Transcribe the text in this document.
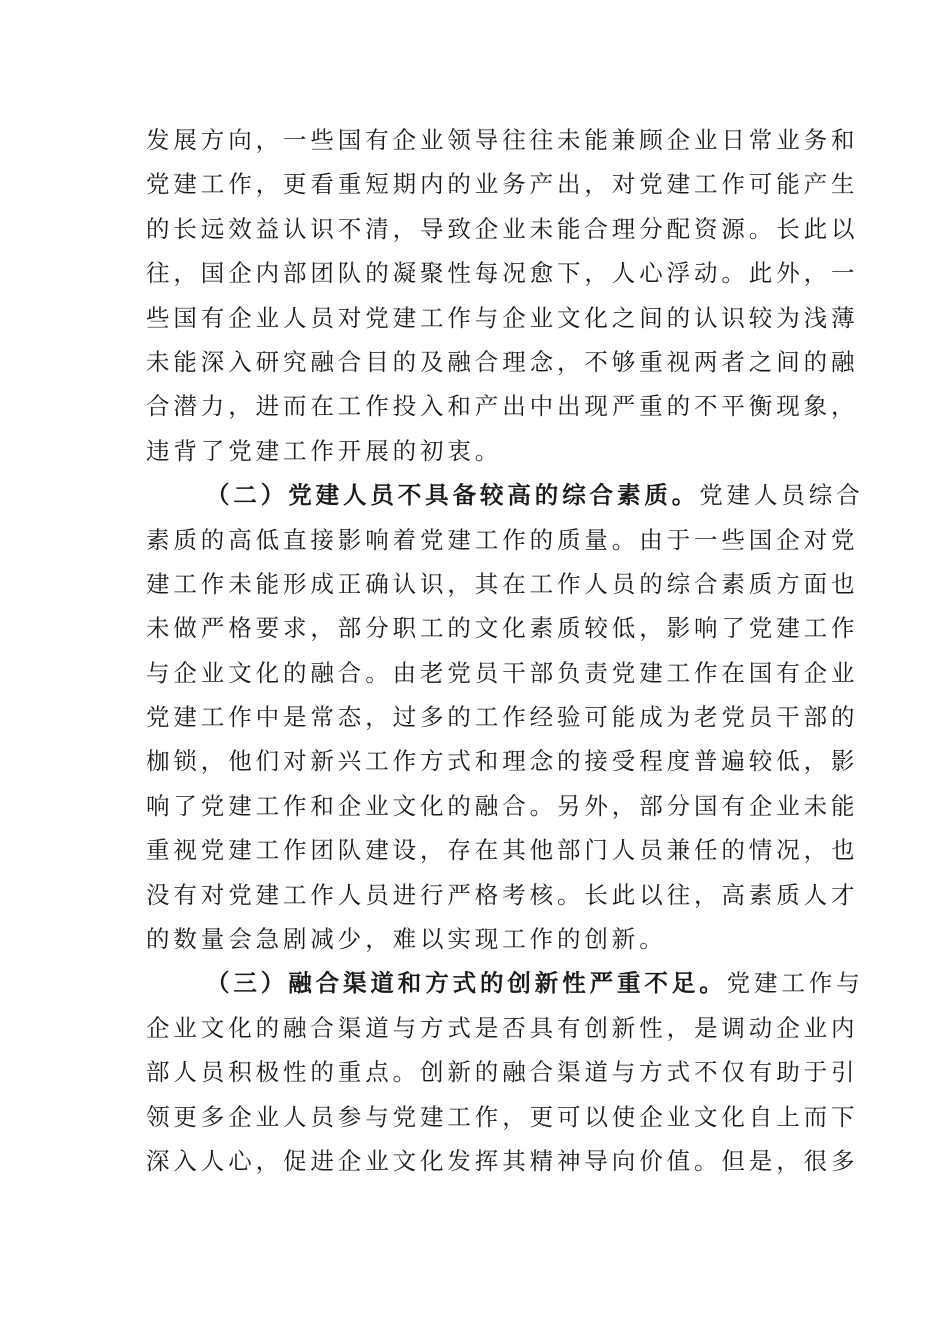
发展方向，一些国有企业领导往往未能兼顾企业日常业务和
党建工作，更看重短期内的业务产出，对党建工作可能产生
的长远效益认识不清，导致企业未能合理分配资源。长此以
往，国企内部团队的凝聚性每况愈下，人心浮动。此外，一
些国有企业人员对党建工作与企业文化之间的认识较为浅薄
未能深入研究融合目的及融合理念，不够重视两者之间的融
合潜力，进而在工作投入和产出中出现严重的不平衡现象，
违背了党建工作开展的初衷。
（二）党建人员不具备较高的综合素质。党建人员综合
素质的高低直接影响着党建工作的质量。由于一些国企对党
建工作未能形成正确认识，其在工作人员的综合素质方面也
未做严格要求，部分职工的文化素质较低，影响了党建工作
与企业文化的融合。由老党员干部负责党建工作在国有企业
党建工作中是常态，过多的工作经验可能成为老党员干部的
枷锁，他们对新兴工作方式和理念的接受程度普遍较低，影
响了党建工作和企业文化的融合。另外，部分国有企业未能
重视党建工作团队建设，存在其他部门人员兼任的情况，也
没有对党建工作人员进行严格考核。长此以往，高素质人才
的数量会急剧减少，难以实现工作的创新。
（三）融合渠道和方式的创新性严重不足。党建工作与
企业文化的融合渠道与方式是否具有创新性，是调动企业内
部人员积极性的重点。创新的融合渠道与方式不仅有助于引
领更多企业人员参与党建工作，更可以使企业文化自上而下
深入人心，促进企业文化发挥其精神导向价值。但是，很多
